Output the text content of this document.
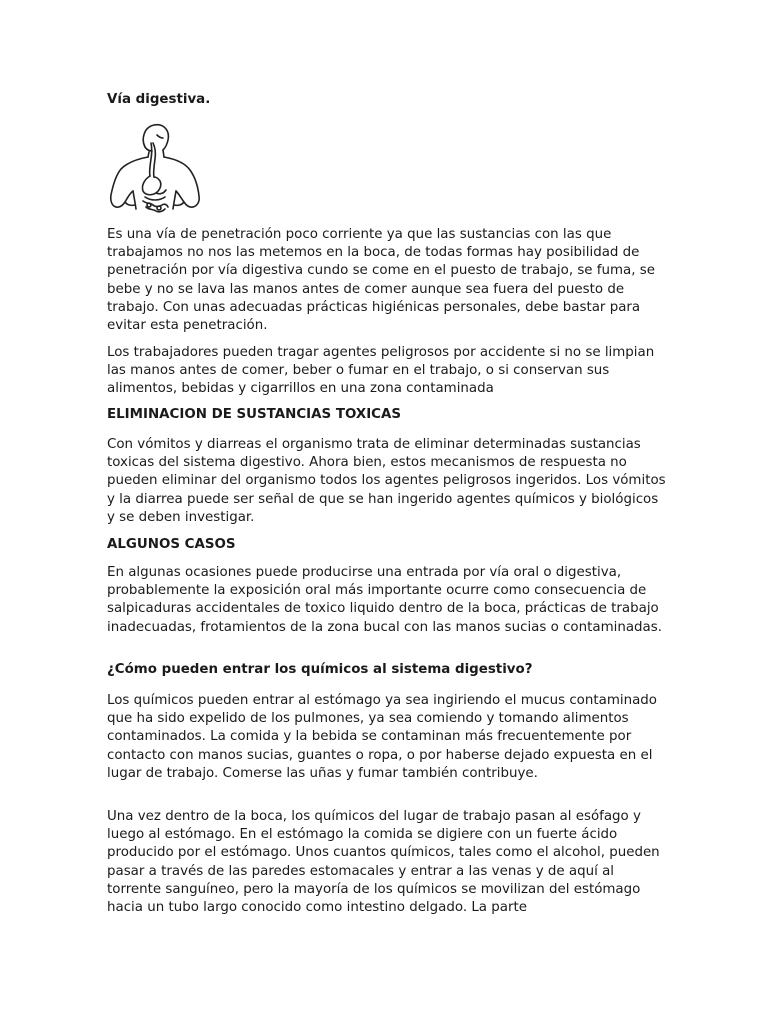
Vía digestiva.

Es una vía de penetración poco corriente ya que las sustancias con las que trabajamos no nos las metemos en la boca, de todas formas hay posibilidad de penetración por vía digestiva cundo se come en el puesto de trabajo, se fuma, se bebe y no se lava las manos antes de comer aunque sea fuera del puesto de trabajo. Con unas adecuadas prácticas higiénicas personales, debe bastar para evitar esta penetración.

Los trabajadores pueden tragar agentes peligrosos por accidente si no se limpian las manos antes de comer, beber o fumar en el trabajo, o si conservan sus alimentos, bebidas y cigarrillos en una zona contaminada

ELIMINACION DE SUSTANCIAS TOXICAS

Con vómitos y diarreas el organismo trata de eliminar determinadas sustancias toxicas del sistema digestivo. Ahora bien, estos mecanismos de respuesta no pueden eliminar del organismo todos los agentes peligrosos ingeridos. Los vómitos y la diarrea puede ser señal de que se han ingerido agentes químicos y biológicos y se deben investigar.

ALGUNOS CASOS

En algunas ocasiones puede producirse una entrada por vía oral o digestiva, probablemente la exposición oral más importante ocurre como consecuencia de salpicaduras accidentales de toxico liquido dentro de la boca, prácticas de trabajo inadecuadas, frotamientos de la zona bucal con las manos sucias o contaminadas.

¿Cómo pueden entrar los químicos al sistema digestivo?

Los químicos pueden entrar al estómago ya sea ingiriendo el mucus contaminado que ha sido expelido de los pulmones, ya sea comiendo y tomando alimentos contaminados. La comida y la bebida se contaminan más frecuentemente por contacto con manos sucias, guantes o ropa, o por haberse dejado expuesta en el lugar de trabajo. Comerse las uñas y fumar también contribuye.

Una vez dentro de la boca, los químicos del lugar de trabajo pasan al esófago y luego al estómago. En el estómago la comida se digiere con un fuerte ácido producido por el estómago. Unos cuantos químicos, tales como el alcohol, pueden pasar a través de las paredes estomacales y entrar a las venas y de aquí al torrente sanguíneo, pero la mayoría de los químicos se movilizan del estómago hacia un tubo largo conocido como intestino delgado. La parte
